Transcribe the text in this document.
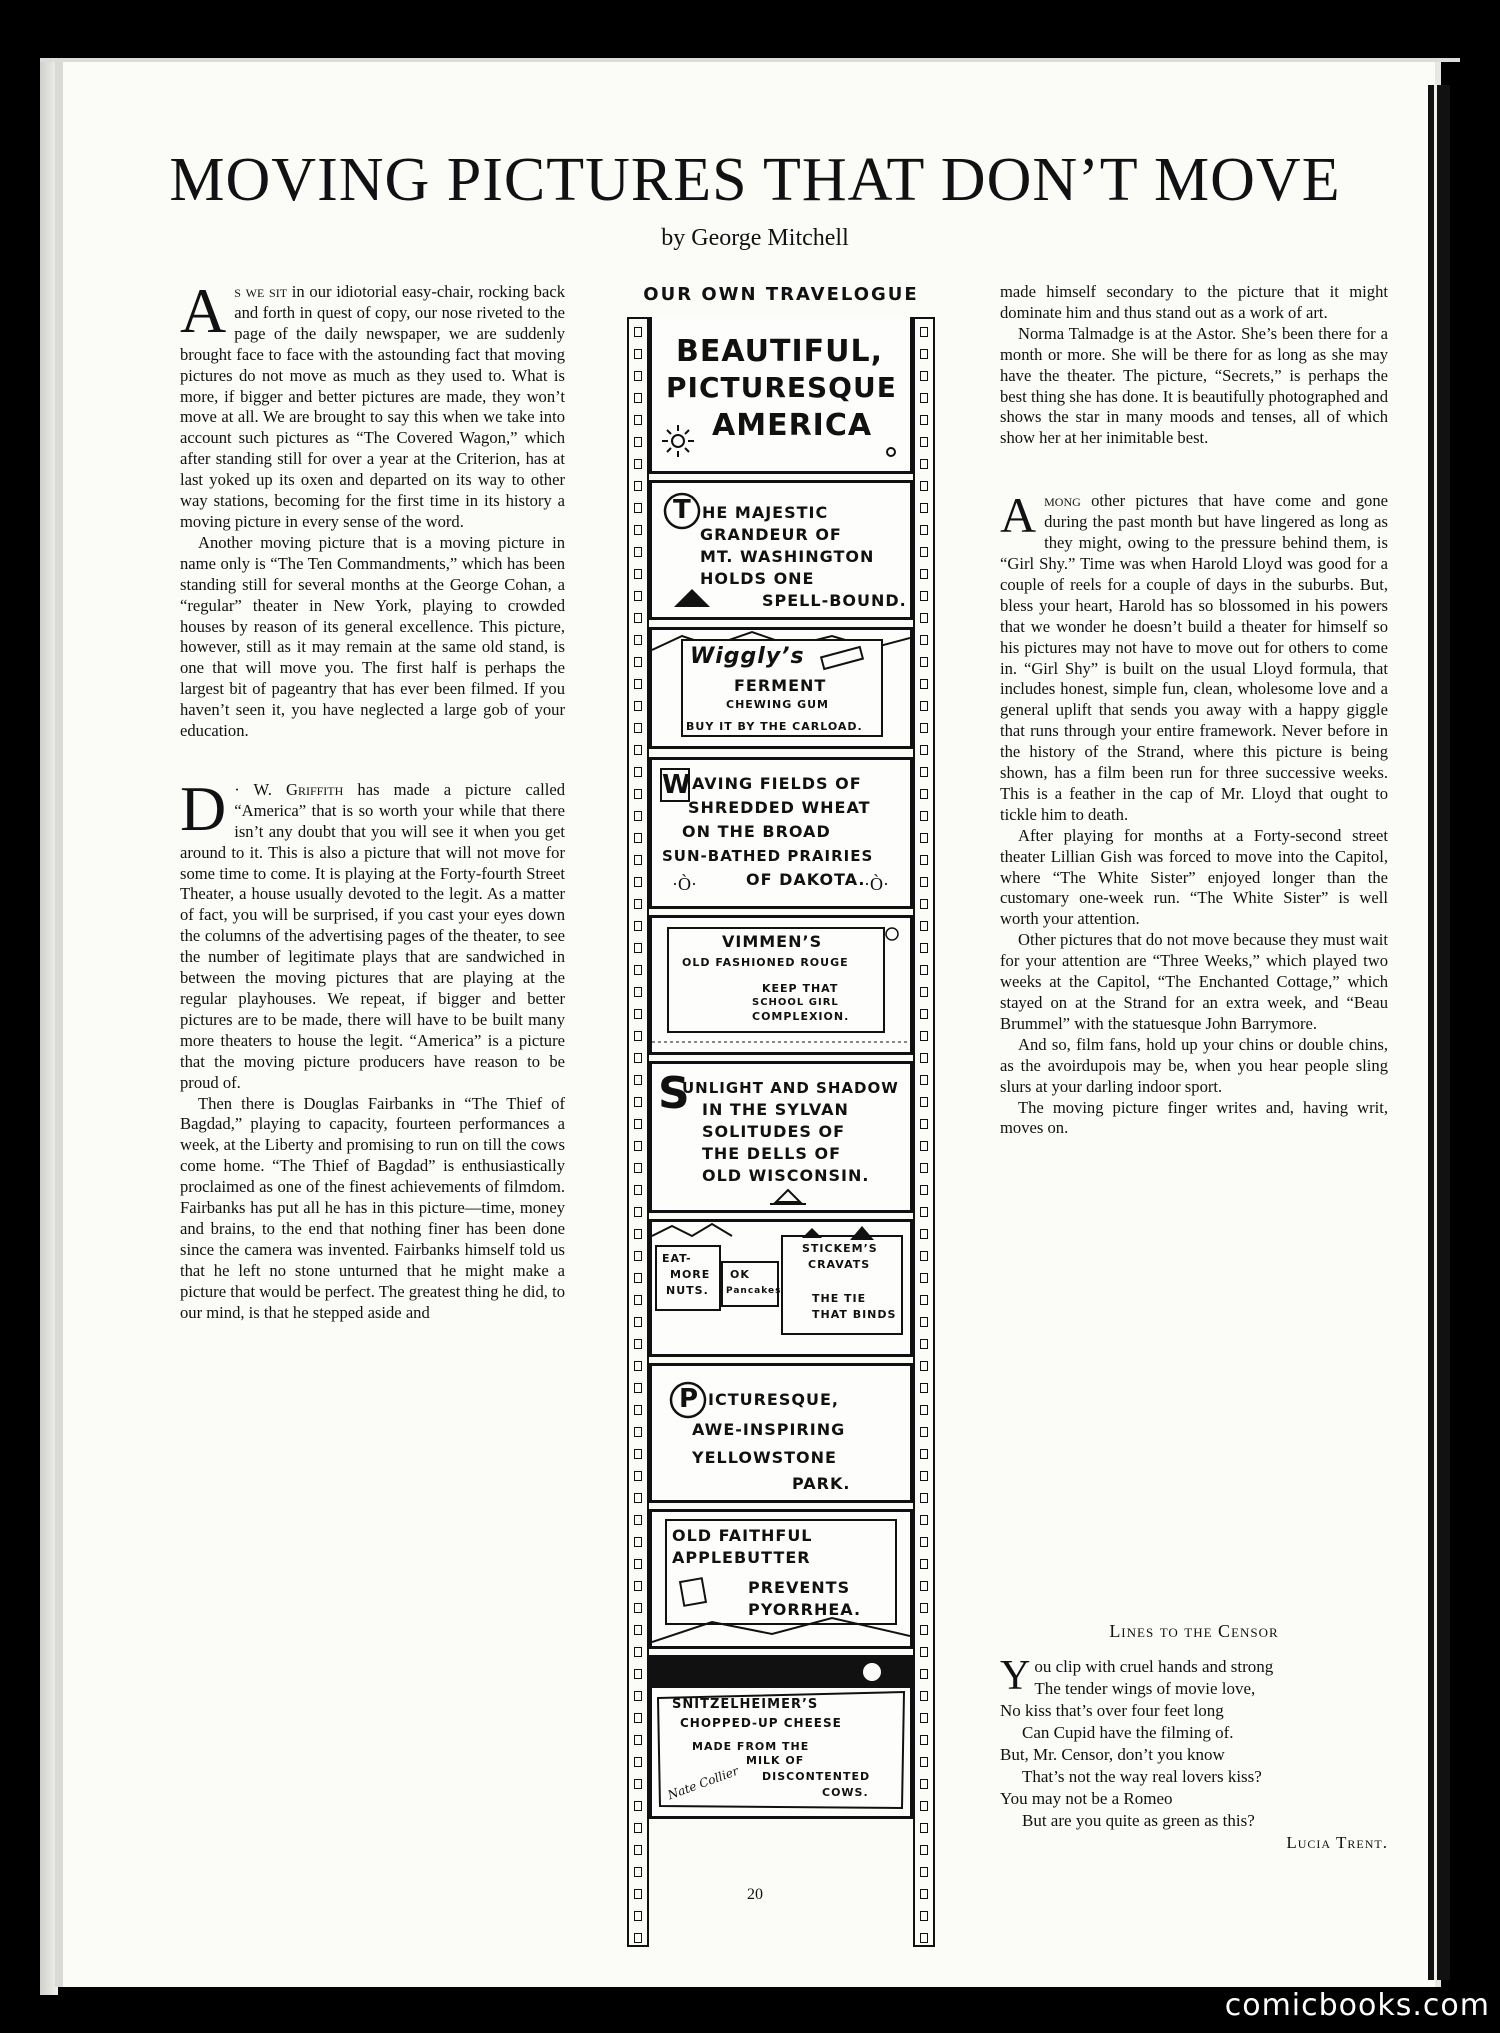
MOVING PICTURES THAT DON’T MOVE

by George Mitchell

As we sit in our idiotorial easy-chair, rocking back and forth in quest of copy, our nose riveted to the page of the daily newspaper, we are suddenly brought face to face with the astounding fact that moving pictures do not move as much as they used to. What is more, if bigger and better pictures are made, they won’t move at all. We are brought to say this when we take into account such pictures as “The Covered Wagon,” which after standing still for over a year at the Criterion, has at last yoked up its oxen and departed on its way to other way stations, becoming for the first time in its history a moving picture in every sense of the word.

Another moving picture that is a moving picture in name only is “The Ten Commandments,” which has been standing still for several months at the George Cohan, a “regular” theater in New York, playing to crowded houses by reason of its general excellence. This picture, however, still as it may remain at the same old stand, is one that will move you. The first half is perhaps the largest bit of pageantry that has ever been filmed. If you haven’t seen it, you have neglected a large gob of your education.

D · W. Griffith has made a picture called “America” that is so worth your while that there isn’t any doubt that you will see it when you get around to it. This is also a picture that will not move for some time to come. It is playing at the Forty-fourth Street Theater, a house usually devoted to the legit. As a matter of fact, you will be surprised, if you cast your eyes down the columns of the advertising pages of the theater, to see the number of legitimate plays that are sandwiched in between the moving pictures that are playing at the regular playhouses. We repeat, if bigger and better pictures are to be made, there will have to be built many more theaters to house the legit. “America” is a picture that the moving picture producers have reason to be proud of.

Then there is Douglas Fairbanks in “The Thief of Bagdad,” playing to capacity, fourteen performances a week, at the Liberty and promising to run on till the cows come home. “The Thief of Bagdad” is enthusiastically proclaimed as one of the finest achievements of filmdom. Fairbanks has put all he has in this picture—time, money and brains, to the end that nothing finer has been done since the camera was invented. Fairbanks himself told us that he left no stone unturned that he might make a picture that would be perfect. The greatest thing he did, to our mind, is that he stepped aside and

OUR OWN TRAVELOGUE

BEAUTIFUL,
PICTURESQUE
AMERICA
T HE MAJESTIC
GRANDEUR OF
MT. WASHINGTON
HOLDS ONE
SPELL-BOUND.
Wiggly’s
FERMENT
CHEWING GUM
BUY IT BY THE CARLOAD.
W AVING FIELDS OF
SHREDDED WHEAT
ON THE BROAD
SUN-BATHED PRAIRIES
OF DAKOTA.
·Ò·	·Ò·
VIMMEN’S
OLD FASHIONED ROUGE
KEEP THAT
SCHOOL GIRL
COMPLEXION.
S
UNLIGHT AND SHADOW
IN THE SYLVAN
SOLITUDES OF
THE DELLS OF
OLD WISCONSIN.
EAT-
MORE
NUTS.
OK
Pancakes
STICKEM’S
CRAVATS
THE TIE
THAT BINDS
P ICTURESQUE,
AWE-INSPIRING
YELLOWSTONE
PARK.
OLD FAITHFUL
APPLEBUTTER
PREVENTS
PYORRHEA.
SNITZELHEIMER’S
CHOPPED-UP CHEESE
MADE FROM THE
MILK OF
DISCONTENTED
COWS.
Nate Collier

made himself secondary to the picture that it might dominate him and thus stand out as a work of art.

Norma Talmadge is at the Astor. She’s been there for a month or more. She will be there for as long as she may have the theater. The picture, “Secrets,” is perhaps the best thing she has done. It is beautifully photographed and shows the star in many moods and tenses, all of which show her at her inimitable best.

Among other pictures that have come and gone during the past month but have lingered as long as they might, owing to the pressure behind them, is “Girl Shy.” Time was when Harold Lloyd was good for a couple of reels for a couple of days in the suburbs. But, bless your heart, Harold has so blossomed in his powers that we wonder he doesn’t build a theater for himself so his pictures may not have to move out for others to come in. “Girl Shy” is built on the usual Lloyd formula, that includes honest, simple fun, clean, wholesome love and a general uplift that sends you away with a happy giggle that runs through your entire framework. Never before in the history of the Strand, where this picture is being shown, has a film been run for three successive weeks. This is a feather in the cap of Mr. Lloyd that ought to tickle him to death.

After playing for months at a Forty-second street theater Lillian Gish was forced to move into the Capitol, where “The White Sister” enjoyed longer than the customary one-week run. “The White Sister” is well worth your attention.

Other pictures that do not move because they must wait for your attention are “Three Weeks,” which played two weeks at the Capitol, “The Enchanted Cottage,” which stayed on at the Strand for an extra week, and “Beau Brummel” with the statuesque John Barrymore.

And so, film fans, hold up your chins or double chins, as the avoirdupois may be, when you hear people sling slurs at your darling indoor sport.

The moving picture finger writes and, having writ, moves on.

Lines to the Censor

You clip with cruel hands and strong

The tender wings of movie love,

No kiss that’s over four feet long

Can Cupid have the filming of.

But, Mr. Censor, don’t you know

That’s not the way real lovers kiss?

You may not be a Romeo

But are you quite as green as this?

Lucia Trent.

20

comicbooks.com
